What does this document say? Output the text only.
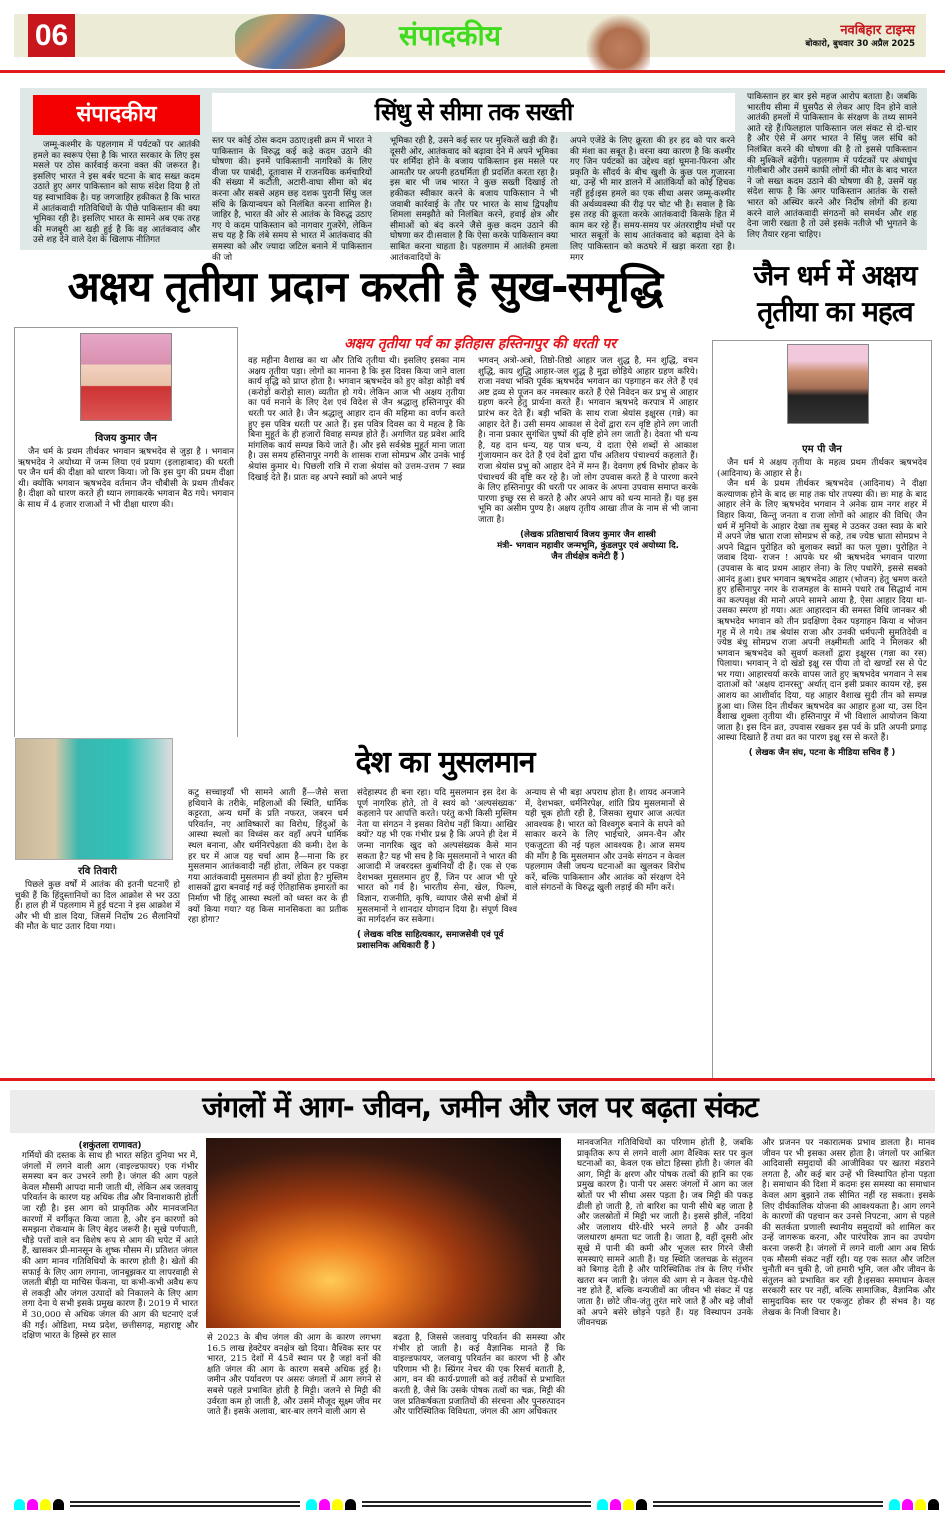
06	संपादकीय	नवबिहार टाइम्स
बोकारो, बुधवार 30 अप्रैल 2025
संपादकीय	सिंधु से सीमा तक सख्ती
जम्मू-कश्मीर के पहलगाम में पर्यटकों पर आतंकी हमले का स्वरूप ऐसा है कि भारत सरकार के लिए इस मसले पर ठोस कार्रवाई करना वक्त की जरूरत है। इसलिए भारत ने इस बर्बर घटना के बाद सख्त कदम उठाते हुए अगर पाकिस्तान को साफ संदेश दिया है तो यह स्वाभाविक है। यह जगजाहिर हकीकत है कि भारत में आतंकवादी गतिविधियों के पीछे पाकिस्तान की क्या भूमिका रही है। इसलिए भारत के सामने अब एक तरह की मजबूरी आ खड़ी हुई है कि वह आतंकवाद और उसे शह देने वाले देश के खिलाफ नीतिगत
स्तर पर कोई ठोस कदम उठाए।इसी क्रम में भारत ने पाकिस्तान के विरुद्ध कई कड़े कदम उठाने की घोषणा की। इनमें पाकिस्तानी नागरिकों के लिए वीजा पर पाबंदी, दूतावास में राजनयिक कर्मचारियों की संख्या में कटौती, अटारी-वाघा सीमा को बंद करना और सबसे अहम छह दशक पुरानी सिंधु जल संधि के क्रियान्वयन को निलंबित करना शामिल है।जाहिर है, भारत की ओर से आतंक के विरुद्ध उठाए गए ये कदम पाकिस्तान को नागवार गुजरेंगे, लेकिन सच यह है कि लंबे समय से भारत में आतंकवाद की समस्या को और ज्यादा जटिल बनाने में पाकिस्तान की जो
भूमिका रही है, उसने कई स्तर पर मुश्किलें खड़ी की हैं।दूसरी ओर, आतंकवाद को बढ़ावा देने में अपने भूमिका पर शर्मिंदा होने के बजाय पाकिस्तान इस मसले पर आमतौर पर अपनी हठधर्मिता ही प्रदर्शित करता रहा है। इस बार भी जब भारत ने कुछ सख्ती दिखाई तो हकीकत स्वीकार करने के बजाय पाकिस्तान ने भी जवाबी कार्रवाई के तौर पर भारत के साथ द्विपक्षीय शिमला समझौते को निलंबित करने, हवाई क्षेत्र और सीमाओं को बंद करने जैसे कुछ कदम उठाने की घोषणा कर दी।सवाल है कि ऐसा करके पाकिस्तान क्या साबित करना चाहता है। पहलगाम में आतंकी हमला आतंकवादियों के
अपने एजेंडे के लिए क्रूरता की हर हद को पार करने की मंशा का सबूत है। वरना क्या कारण है कि कश्मीर गए जिन पर्यटकों का उद्देश्य वहां घूमना-फिरना और प्रकृति के सौंदर्य के बीच खुशी के कुछ पल गुजारना था, उन्हें भी मार डालने में आतंकियों को कोई हिचक नहीं हुई।इस हमले का एक सीधा असर जम्मू-कश्मीर की अर्थव्यवस्था की रीढ़ पर चोट भी है। सवाल है कि इस तरह की क्रूरता करके आतंकवादी किसके हित में काम कर रहे हैं। समय-समय पर अंतरराष्ट्रीय मंचों पर भारत सबूतों के साथ आतंकवाद को बढ़ावा देने के लिए पाकिस्तान को कठघरे में खड़ा करता रहा है। मगर
पाकिस्तान हर बार इसे महज आरोप बताता है। जबकि भारतीय सीमा में घुसपैठ से लेकर आए दिन होने वाले आतंकी हमलों में पाकिस्तान के संरक्षण के तथ्य सामने आते रहे हैं।फिलहाल पाकिस्तान जल संकट से दो-चार है और ऐसे में अगर भारत ने सिंधु जल संधि को निलंबित करने की घोषणा की है तो इससे पाकिस्तान की मुश्किलें बढ़ेंगी। पहलगाम में पर्यटकों पर अंधाधुंध गोलीबारी और उसमें काफी लोगों की मौत के बाद भारत ने जो सख्त कदम उठाने की घोषणा की है, उसमें यह संदेश साफ है कि अगर पाकिस्तान आतंक के रास्ते भारत को अस्थिर करने और निर्दोष लोगों की हत्या करने वाले आतंकवादी संगठनों को समर्थन और शह देना जारी रखता है तो उसे इसके नतीजे भी भुगतने के लिए तैयार रहना चाहिए।
अक्षय तृतीया प्रदान करती है सुख-समृद्धि
विजय कुमार जैन
जैन धर्म के प्रथम तीर्थकर भगवान ऋषभदेव से जुड़ा है । भगवान ऋषभदेव ने अयोध्या में जन्म लिया एवं प्रयाग (इलाहाबाद) की धरती पर जैन धर्म की दीक्षा को धारण किया। जो कि इस युग की प्रथम दीक्षा थी। क्योंकि भगवान ऋषभदेव वर्तमान जैन चौबीसी के प्रथम तीर्थंकर है। दीक्षा को धारण करते ही ध्यान लगाकरके भगवान बैठ गये। भगवान के साथ में 4 हजार राजाओं ने भी दीक्षा धारण की।
अक्षय तृतीया पर्व का इतिहास हस्तिनापुर की धरती पर
वह महीना वैशाख का था और तिथि तृतीया थी। इसलिए इसका नाम अक्षय तृतीया पड़ा। लोगों का मानना है कि इस दिवस किया जाने वाला कार्य वृद्धि को प्राप्त होता है। भगवान ऋषभदेव को हुए कोड़ा कोड़ी वर्ष (करोड़ों करोड़ो साल) व्यतीत हो गये। लेकिन आज भी अक्षय तृतीया का पर्व मनाने के लिए देश एवं विदेश से जैन श्रद्धालु हस्तिनापुर की धरती पर आते है। जैन श्रद्धालु आहार दान की महिमा का वर्णन करते हुए इस पवित्र धरती पर आते हैं। इस पवित्र दिवस का ये महत्व है कि बिना मुहूर्त के ही हजारों विवाह सम्पन्न होते हैं। अगणित ग्रह प्रवेश आदि मांगलिक कार्य सम्पन्न किये जाते हैं। और इसे सर्वश्रेष्ठ मुहूर्त माना जाता है। उस समय हस्तिनापुर नगरी के शासक राजा सोमप्रभ और उनके भाई श्रेयांस कुमार थे। पिछली रात्रि में राजा श्रेयांस को उत्तम-उत्तम 7 स्वप्न दिखाई देते हैं। प्रातः वह अपने स्वप्नों को अपने भाई
भगवन् अत्रो-अत्रो, तिष्ठो-तिष्ठो आहार जल शुद्ध है, मन शुद्धि, वचन शुद्धि, काय शुद्धि आहार-जल शुद्ध है मुद्रा छोड़िये आहार ग्रहण करिये। राजा नवधा भक्ति पूर्वक ऋषभदेव भगवान का पड़गाहन कर लेते हैं एवं अष्ट द्रव्य से पूजन कर नमस्कार करते हैं ऐसे निवेदन कर प्रभु से आहार ग्रहण करने हेतु प्रार्थना करते हैं। भगवान ऋषभदे करपात्र में आहार प्रारंभ कर देते हैं। बड़ी भक्ति के साथ राजा श्रेयांस इक्षुरस (गन्ने) का आहार देते हैं। उसी समय आकाश से देवों द्वारा रत्न वृष्टि होने लग जाती है। नाना प्रकार सुगंधित पुष्पों की वृष्टि होने लग जाती है। देवता भी धन्य है, यह दान धन्य, यह पात्र धन्य, ये दाता ऐसे शब्दों से आकाश गुंजायमान कर देते हैं एवं देवों द्वारा पाँच अतिशय पंचाश्चर्य कहलाते हैं। राजा श्रेयांस प्रभु को आहार देने में मग्न हैं। देवगण हर्ष विभोर होकर के पंचाश्चर्य की वृष्टि कर रहे है। जो लोग उपवास करते हैं वे पारणा करने के लिए हस्तिनापुर की धरती पर आकर के अपना उपवास समाप्त करके पारणा इच्छु रस से करते है और अपने आप को धन्य मानते हैं। यह इस भूमि का असीम पुण्य है। अक्षय तृतीय आखा तीज के नाम से भी जाना जाता है।
(लेखक प्रतिष्ठाचार्य विजय कुमार जैन शास्त्री
मंत्री- भगवान महावीर जन्मभूमि, कुंडलपुर एवं अयोध्या दि.
जैन तीर्थक्षेत्र कमेटी हैं )
जैन धर्म में अक्षय तृतीया का महत्व
एम पी जैन
जैन धर्म मे अक्षय तृतीया के महत्व प्रथम तीर्थकर ऋषभदेव (आदिनाथ) के आहार से है।
जैन धर्म के प्रथम तीर्थकर ऋषभदेव (आदिनाथ) ने दीक्षा कल्याणक होने के बाद छः माह तक घोर तपस्या की। छः माह के बाद आहार लेने के लिए ऋषभदेव भगवान ने अनेक ग्राम नगर शहर में विहार किया, किन्तु जनता व राजा लोगों को आहार की विधि( जैन धर्म में मुनियों के आहार देखा तब सुबह मे उठकर उक्त स्वप्न के बारे में अपने जेष्ठ भ्राता राजा सोमप्रभ से कहे, तब ज्येष्ठ भ्राता सोमप्रभ ने अपने विद्वान पुरोहित को बुलाकर स्वप्नों का फल पूछा। पुरोहित ने जवाब दिया- राजन ! आपके घर श्री ऋषभदेव भगवान पारणा (उपवास के बाद प्रथम आहार लेना) के लिए पधारेंगे, इससे सबको आनंद हुआ। इधर भगवान ऋषभदेव आहार (भोजन) हेतु भ्रमण करते हुए हस्तिनापुर नगर के राजमहल के सामने पधारे तब सिद्धार्थ नाम का कल्पवृक्ष की मानो अपने सामने आया है, ऐसा आहार दिया था-उसका स्मरण हो गया। अतः आहारदान की समस्त विधि जानकर श्री ऋषभदेव भगवान को तीन प्रदक्षिणा देकर पड़गाहन किया व भोजन गृह में ले गये। तब श्रेयांस राजा और उनकी धर्मपत्नी सुमतिदेवी व ज्येष्ठ बंधु सोमप्रभ राजा अपनी लक्ष्मीमती आदि ने मिलकर श्री भगवान ऋषभदेव को सुवर्ण कलशों द्वारा इक्षुरस (गन्ना का रस) पिलाया। भगवान् ने दो खंडो इक्षु रस पीया तो दो खण्डों रस से पेट भर गया। आहारचर्या करके वापस जाते हुए ऋषभदेव भगवान ने सब दाताओं को 'अक्षय दानरस्तु' अर्थात् दान इसी प्रकार कायम रहे, इस आशय का आशीर्वाद दिया, यह आहार वैशाख सुदी तीन को सम्पन्न हुआ था। जिस दिन तीर्थंकर ऋषभदेव का आहार हुआ था, उस दिन वैशाख शुक्ला तृतीया थी। हस्तिनापुर में भी विशाल आयोजन किया जाता है। इस दिन व्रत, उपवास रखकर इस पर्व के प्रति अपनी प्रगाढ़ आस्था दिखाते हैं तथा व्रत का पारण इक्षु रस से करते हैं।
( लेखक जैन संघ, पटना के मीडिया सचिव हैं )
रवि तिवारी
पिछले कुछ वर्षों में आतंक की इतनी घटनाएँ हो चुकी हैं कि हिंदुस्तानियों का दिल आक्रोश से भर उठा है। हाल ही में पहलगाम में हुई घटना ने इस आक्रोश में और भी घी डाल दिया, जिसमें निर्दोष 26 सैलानियों की मौत के घाट उतार दिया गया।
देश का मुसलमान
कटु सच्चाइयाँ भी सामने आती हैं—जैसे सत्ता हथियाने के तरीके, महिलाओं की स्थिति, धार्मिक कट्टरता, अन्य धर्मों के प्रति नफरत, जबरन धर्म परिवर्तन, नए आविष्कारों का विरोध, हिंदुओं के आस्था स्थलों का विध्वंस कर वहाँ अपने धार्मिक स्थल बनाना, और धर्मनिरपेक्षता की कमी। देश के हर घर में आज यह चर्चा आम है—माना कि हर मुसलमान आतंकवादी नहीं होता, लेकिन हर पकड़ा गया आतंकवादी मुसलमान ही क्यों होता है? मुस्लिम शासकों द्वारा बनवाई गई कई ऐतिहासिक इमारतों का निर्माण भी हिंदू आस्था स्थलों को ध्वस्त कर के ही क्यों किया गया? यह किस मानसिकता का प्रतीक रहा होगा?
संदेहास्पद ही बना रहा। यदि मुसलमान इस देश के पूर्ण नागरिक होते, तो वे स्वयं को ‘अल्पसंख्यक’ कहलाने पर आपत्ति करते। परंतु कभी किसी मुस्लिम नेता या संगठन ने इसका विरोध नहीं किया। आखिर क्यों? यह भी एक गंभीर प्रश्न है कि अपने ही देश में जन्मा नागरिक खुद को अल्पसंख्यक कैसे मान सकता है? यह भी सच है कि मुसलमानों ने भारत की आजादी में जबरदस्त कुर्बानियाँ दी हैं। एक से एक देशभक्त मुसलमान हुए हैं, जिन पर आज भी पूरे भारत को गर्व है। भारतीय सेना, खेल, फिल्म, विज्ञान, राजनीति, कृषि, व्यापार जैसे सभी क्षेत्रों में मुसलमानों ने शानदार योगदान दिया है। संपूर्ण विश्व का मार्गदर्शन कर सकेगा।
( लेखक वरिष्ठ साहित्यकार, समाजसेवी एवं पूर्व प्रशासनिक अधिकारी हैं )
अन्याय से भी बड़ा अपराध होता है। शायद अनजाने में, देशभक्त, धर्मनिरपेक्ष, शांति प्रिय मुसलमानों से यही चूक होती रही है, जिसका सुधार आज अत्यंत आवश्यक है। भारत को विश्वगुरु बनाने के सपने को साकार करने के लिए भाईचारे, अमन-चैन और एकजुटता की नई पहल आवश्यक है। आज समय की माँग है कि मुसलमान और उनके संगठन न केवल पहलगाम जैसी जघन्य घटनाओं का खुलकर विरोध करें, बल्कि पाकिस्तान और आतंक को संरक्षण देने वाले संगठनों के विरुद्ध खुली लड़ाई की माँग करें।
जंगलों में आग- जीवन, जमीन और जल पर बढ़ता संकट
(शकुंतला राणावत)
गर्मियों की दस्तक के साथ ही भारत सहित दुनिया भर में, जंगलों में लगने वाली आग (वाइल्डफायर) एक गंभीर समस्या बन कर उभरने लगी है। जंगल की आग पहले केवल मौसमी आपदा मानी जाती थी, लेकिन अब जलवायु परिवर्तन के कारण यह अधिक तीव्र और विनाशकारी होती जा रही है। इस आग को प्राकृतिक और मानवजनित कारणों में वर्गीकृत किया जाता है, और इन कारणों को समझना रोकथाम के लिए बेहद जरूरी है। सूखे पर्णपाती, चौड़े पत्तों वाले वन विशेष रूप से आग की चपेट में आते हैं, खासकर प्री-मानसून के शुष्क मौसम में। प्रतिशत जंगल की आग मानव गतिविधियों के कारण होती है। खेतों की सफाई के लिए आग लगाना, जानबूझकर या लापरवाही से जलती बीड़ी या माचिस फेंकना, या कभी-कभी अवैध रूप से लकड़ी और जंगल उत्पादों को निकालने के लिए आग लगा देना ये सभी इसके प्रमुख कारण हैं। 2019 में भारत में 30,000 से अधिक जंगल की आग की घटनाएं दर्ज की गईं। ओडिशा, मध्य प्रदेश, छत्तीसगढ़, महाराष्ट्र और दक्षिण भारत के हिस्से हर साल	से 2023 के बीच जंगल की आग के कारण लगभग 16.5 लाख हेक्टेयर वनक्षेत्र खो दिया। वैश्विक स्तर पर भारत, 215 देशों में 45वें स्थान पर है जहां वनों की क्षति जंगल की आग के कारण सबसे अधिक हुई है। जमीन और पर्यावरण पर असरः जंगलों में आग लगने से सबसे पहले प्रभावित होती है मिट्टी। जलने से मिट्टी की उर्वरता कम हो जाती है, और उसमें मौजूद सूक्ष्म जीव मर जाते हैं। इसके अलावा, बार-बार लगने वाली आग से
बढ़ता है, जिससे जलवायु परिवर्तन की समस्या और गंभीर हो जाती है। कई वैज्ञानिक मानते हैं कि वाइल्डफायर, जलवायु परिवर्तन का कारण भी है और परिणाम भी है। स्प्रिंगर नेचर की एक रिसर्च बताती है, आग, वन की कार्य-प्रणाली को कई तरीकों से प्रभावित करती है, जैसे कि उसके पोषक तत्वों का चक्र, मिट्टी की जल प्रतिकर्षकता प्रजातियों की संरचना और पुनरुत्पादन और पारिस्थितिक विविधता, जंगल की आग अधिकतर
मानवजनित गतिविधियों का परिणाम होती है, जबकि प्राकृतिक रूप से लगने वाली आग वैश्विक स्तर पर कुल घटनाओं का, केवल एक छोटा हिस्सा होती है। जंगल की आग, मिट्टी के क्षरण और पोषक तत्वों की हानि का एक प्रमुख कारण है। पानी पर असरः जंगलों में आग का जल स्रोतों पर भी सीधा असर पड़ता है। जब मिट्टी की पकड़ ढीली हो जाती है, तो बारिश का पानी सीधे बह जाता है और जलस्रोतों में मिट्टी भर जाती है। इससे झीलें, नदियां और जलाशय धीरे-धीरे भरने लगते हैं और उनकी जलधारण क्षमता घट जाती है। जाता है, वहीं दूसरी ओर सूखे में पानी की कमी और भूजल स्तर गिरने जैसी समस्याएं सामने आती हैं। यह स्थिति जलचक्र के संतुलन को बिगाड़ देती है और पारिस्थितिक तंत्र के लिए गंभीर खतरा बन जाती है। जंगल की आग से न केवल पेड़-पौधे नष्ट होते हैं, बल्कि वन्यजीवों का जीवन भी संकट में पड़ जाता है। छोटे जीव-जंतु तुरंत मारे जाते हैं और बड़े जीवों को अपने बसेरे छोड़ने पड़ते हैं। यह विस्थापन उनके जीवनचक्र
और प्रजनन पर नकारात्मक प्रभाव डालता है। मानव जीवन पर भी इसका असर होता है। जंगलों पर आश्रित आदिवासी समुदायों की आजीविका पर खतरा मंडराने लगता है, और कई बार उन्हें भी विस्थापित होना पड़ता है। समाधान की दिशा में कदमः इस समस्या का समाधान केवल आग बुझाने तक सीमित नहीं रह सकता। इसके लिए दीर्घकालिक योजना की आवश्यकता है। आग लगने के कारणों की पहचान कर उनसे निपटना, आग से पहले की सतर्कता प्रणाली स्थानीय समुदायों को शामिल कर उन्हें जागरूक करना, और पारंपरिक ज्ञान का उपयोग करना जरूरी है। जंगलों में लगने वाली आग अब सिर्फ एक मौसमी संकट नहीं रही। यह एक सतत और जटिल चुनौती बन चुकी है, जो हमारी भूमि, जल और जीवन के संतुलन को प्रभावित कर रही है।इसका समाधान केवल सरकारी स्तर पर नहीं, बल्कि सामाजिक, वैज्ञानिक और सामुदायिक स्तर पर एकजुट होकर ही संभव है। यह लेखक के निजी विचार है।
